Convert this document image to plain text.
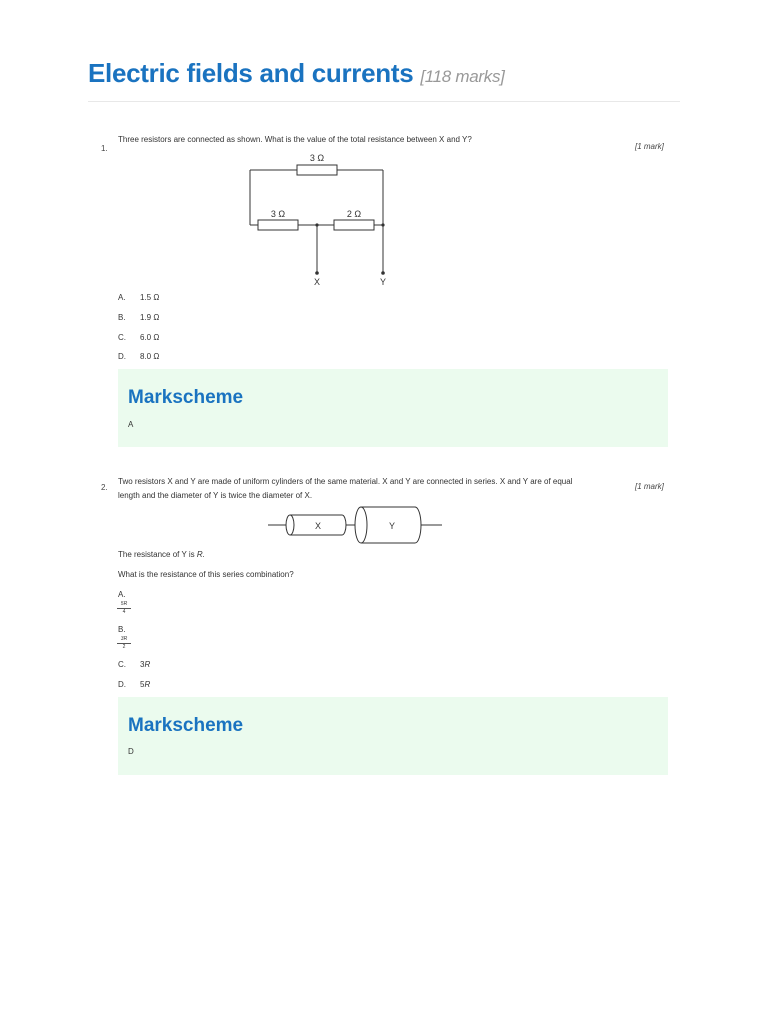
Electric fields and currents [118 marks]
1.
Three resistors are connected as shown. What is the value of the total resistance between X and Y?
[1 mark]
3 Ω
3 Ω	2 Ω
X	Y
A. 1.5 Ω
B. 1.9 Ω
C. 6.0 Ω
D. 8.0 Ω
Markscheme
A
2.
Two resistors X and Y are made of uniform cylinders of the same material. X and Y are connected in series. X and Y are of equal
length and the diameter of Y is twice the diameter of X.
[1 mark]
X	Y
The resistance of Y is R.
What is the resistance of this series combination?
A.
$\frac{5R}{4}$
B.
$\frac{3R}{2}$
C. 3R
D. 5R
Markscheme
D
